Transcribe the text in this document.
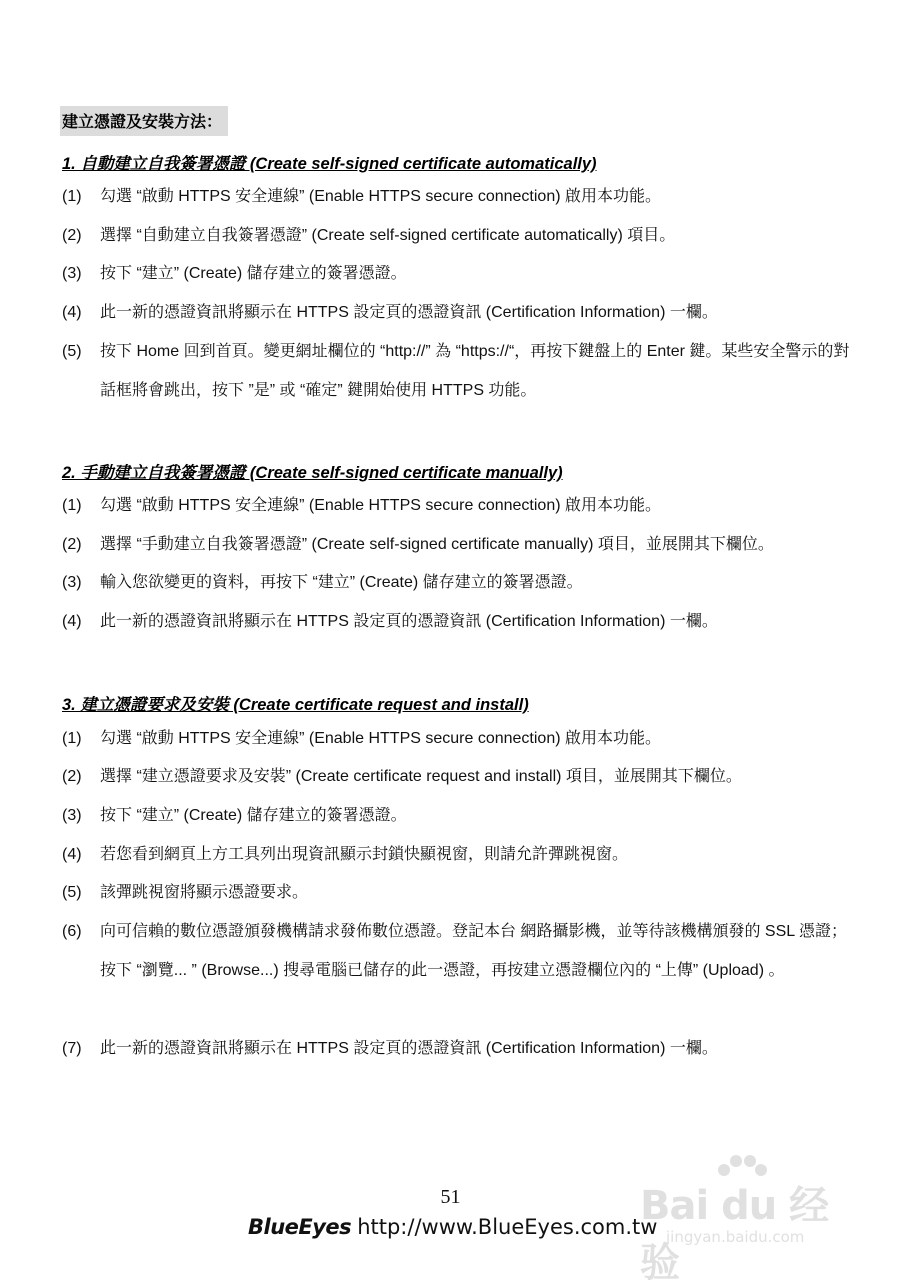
建立憑證及安裝方法：
1. 自動建立自我簽署憑證 (Create self-signed certificate automatically)
(1) 勾選 “啟動 HTTPS 安全連線” (Enable HTTPS secure connection) 啟用本功能。
(2) 選擇 “自動建立自我簽署憑證” (Create self-signed certificate automatically) 項目。
(3) 按下 “建立” (Create) 儲存建立的簽署憑證。
(4) 此一新的憑證資訊將顯示在 HTTPS 設定頁的憑證資訊 (Certification Information) 一欄。
(5) 按下 Home 回到首頁。變更網址欄位的 “http://” 為 “https://“，再按下鍵盤上的 Enter 鍵。某些安全警示的對話框將會跳出，按下 ”是” 或 “確定” 鍵開始使用 HTTPS 功能。
2. 手動建立自我簽署憑證 (Create self-signed certificate manually)
(1) 勾選 “啟動 HTTPS 安全連線” (Enable HTTPS secure connection) 啟用本功能。
(2) 選擇 “手動建立自我簽署憑證” (Create self-signed certificate manually) 項目，並展開其下欄位。
(3) 輸入您欲變更的資料，再按下 “建立” (Create) 儲存建立的簽署憑證。
(4) 此一新的憑證資訊將顯示在 HTTPS 設定頁的憑證資訊 (Certification Information) 一欄。
3. 建立憑證要求及安裝 (Create certificate request and install)
(1) 勾選 “啟動 HTTPS 安全連線” (Enable HTTPS secure connection) 啟用本功能。
(2) 選擇 “建立憑證要求及安裝” (Create certificate request and install) 項目，並展開其下欄位。
(3) 按下 “建立” (Create) 儲存建立的簽署憑證。
(4) 若您看到網頁上方工具列出現資訊顯示封鎖快顯視窗，則請允許彈跳視窗。
(5) 該彈跳視窗將顯示憑證要求。
(6) 向可信賴的數位憑證頒發機構請求發佈數位憑證。登記本台 網路攝影機，並等待該機構頒發的 SSL 憑證；按下 “瀏覽... ” (Browse...) 搜尋電腦已儲存的此一憑證，再按建立憑證欄位內的 “上傳” (Upload) 。
(7) 此一新的憑證資訊將顯示在 HTTPS 設定頁的憑證資訊 (Certification Information) 一欄。
Bai du 经验
jingyan.baidu.com
51
BlueEyes http://www.BlueEyes.com.tw
